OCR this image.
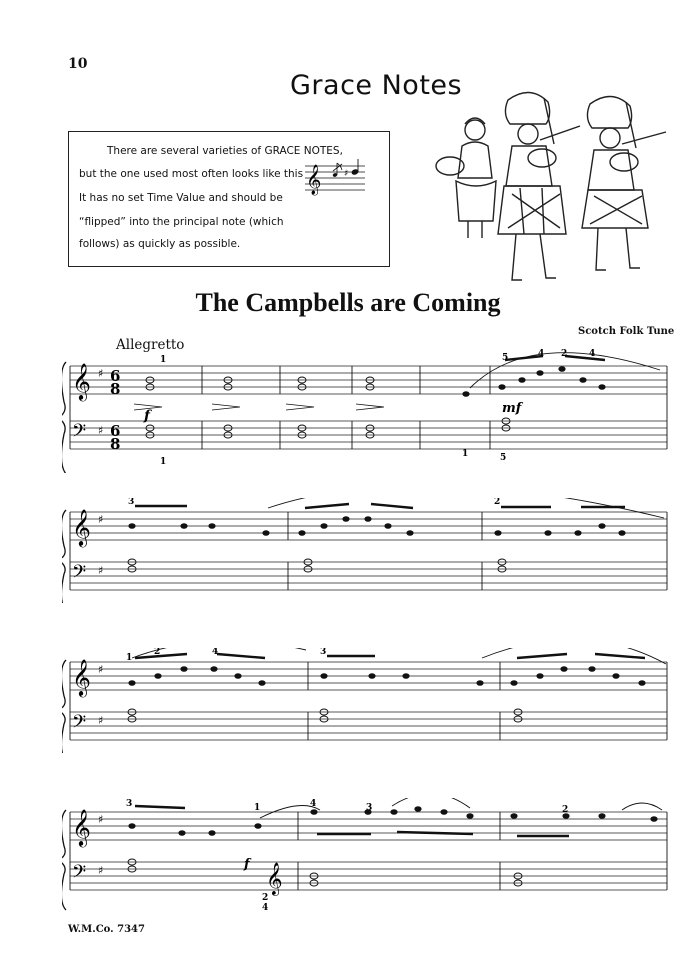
10
Grace Notes
There are several varieties of GRACE NOTES,
but the one used most often looks like this
It has no set Time Value and should be
“flipped” into the principal note (which
follows) as quickly as possible.
𝄞	♯
The Campbells are Coming
Scotch Folk Tune
Allegretto
𝄞
𝄢
♯
♯
6
8
6
8
f	mf
5	4 2 4
1
1
1	5
𝄞
𝄢
♯
♯
3	2
𝄞
𝄢
♯
♯
1
2	4	3
𝄞
𝄢
♯
♯	𝄞
f
3	1	4	3	2
2
4
W.M.Co. 7347
